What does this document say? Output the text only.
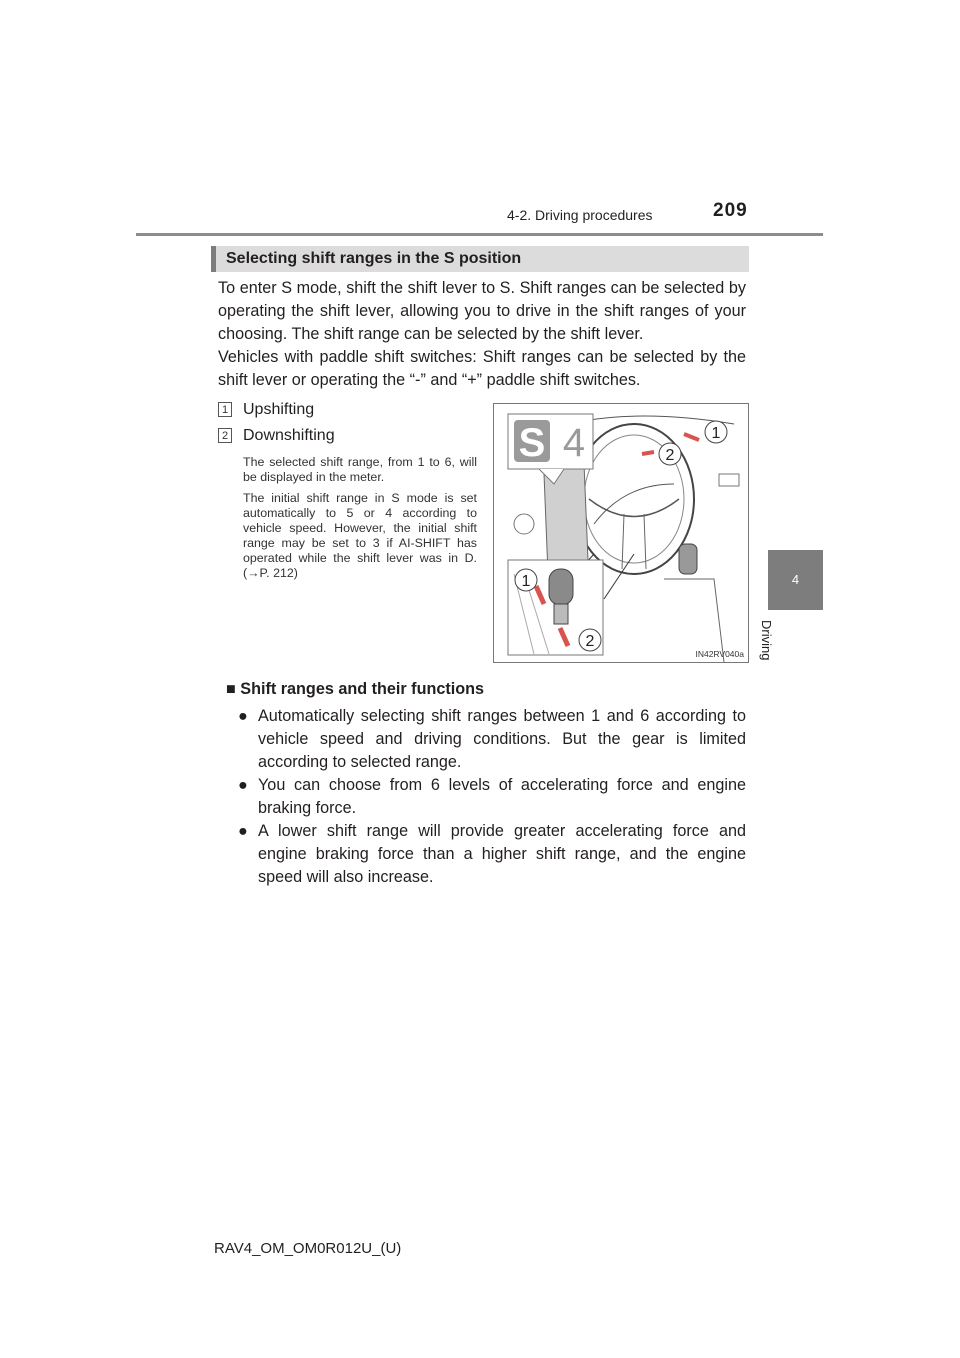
4-2. Driving procedures	209
4
Driving
Selecting shift ranges in the S position
To enter S mode, shift the shift lever to S. Shift ranges can be selected by operating the shift lever, allowing you to drive in the shift ranges of your choosing. The shift range can be selected by the shift lever.
Vehicles with paddle shift switches: Shift ranges can be selected by the shift lever or operating the “-” and “+” paddle shift switches.
1 Upshifting
2 Downshifting
The selected shift range, from 1 to 6, will be displayed in the meter.
The initial shift range in S mode is set automatically to 5 or 4 according to vehicle speed. However, the initial shift range may be set to 3 if AI-SHIFT has operated while the shift lever was in D. (→P. 212)
S 4	1
2
1
2
IN42RV040a
■ Shift ranges and their functions
● Automatically selecting shift ranges between 1 and 6 according to vehicle speed and driving conditions. But the gear is limited according to selected range.
● You can choose from 6 levels of accelerating force and engine braking force.
● A lower shift range will provide greater accelerating force and engine braking force than a higher shift range, and the engine speed will also increase.
RAV4_OM_OM0R012U_(U)
